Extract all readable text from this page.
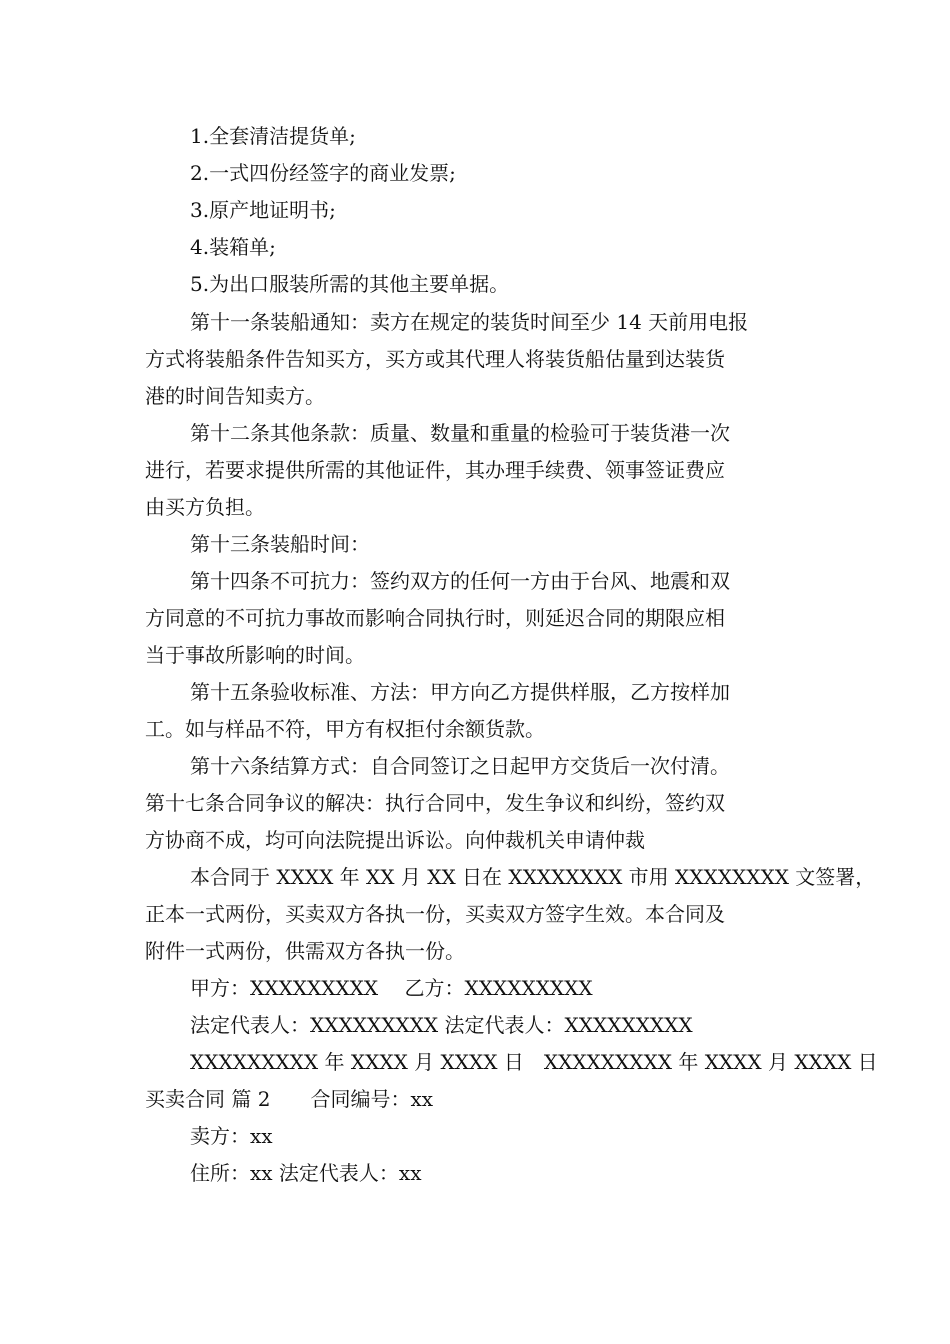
1.全套清洁提货单;
2.一式四份经签字的商业发票;
3.原产地证明书;
4.装箱单;
5.为出口服装所需的其他主要单据。
第十一条装船通知：卖方在规定的装货时间至少 14 天前用电报
方式将装船条件告知买方，买方或其代理人将装货船估量到达装货
港的时间告知卖方。
第十二条其他条款：质量、数量和重量的检验可于装货港一次
进行，若要求提供所需的其他证件，其办理手续费、领事签证费应
由买方负担。
第十三条装船时间：
第十四条不可抗力：签约双方的任何一方由于台风、地震和双
方同意的不可抗力事故而影响合同执行时，则延迟合同的期限应相
当于事故所影响的时间。
第十五条验收标准、方法：甲方向乙方提供样服，乙方按样加
工。如与样品不符，甲方有权拒付余额货款。
第十六条结算方式：自合同签订之日起甲方交货后一次付清。
第十七条合同争议的解决：执行合同中，发生争议和纠纷，签约双
方协商不成，均可向法院提出诉讼。向仲裁机关申请仲裁
本合同于 XXXX 年 XX 月 XX 日在 XXXXXXXX 市用 XXXXXXXX 文签署，
正本一式两份，买卖双方各执一份，买卖双方签字生效。本合同及
附件一式两份，供需双方各执一份。
甲方：XXXXXXXXX　 乙方：XXXXXXXXX
法定代表人：XXXXXXXXX 法定代表人：XXXXXXXXX
XXXXXXXXX 年 XXXX 月 XXXX 日　XXXXXXXXX 年 XXXX 月 XXXX 日
买卖合同 篇 2　　合同编号：xx
卖方：xx
住所：xx 法定代表人：xx
